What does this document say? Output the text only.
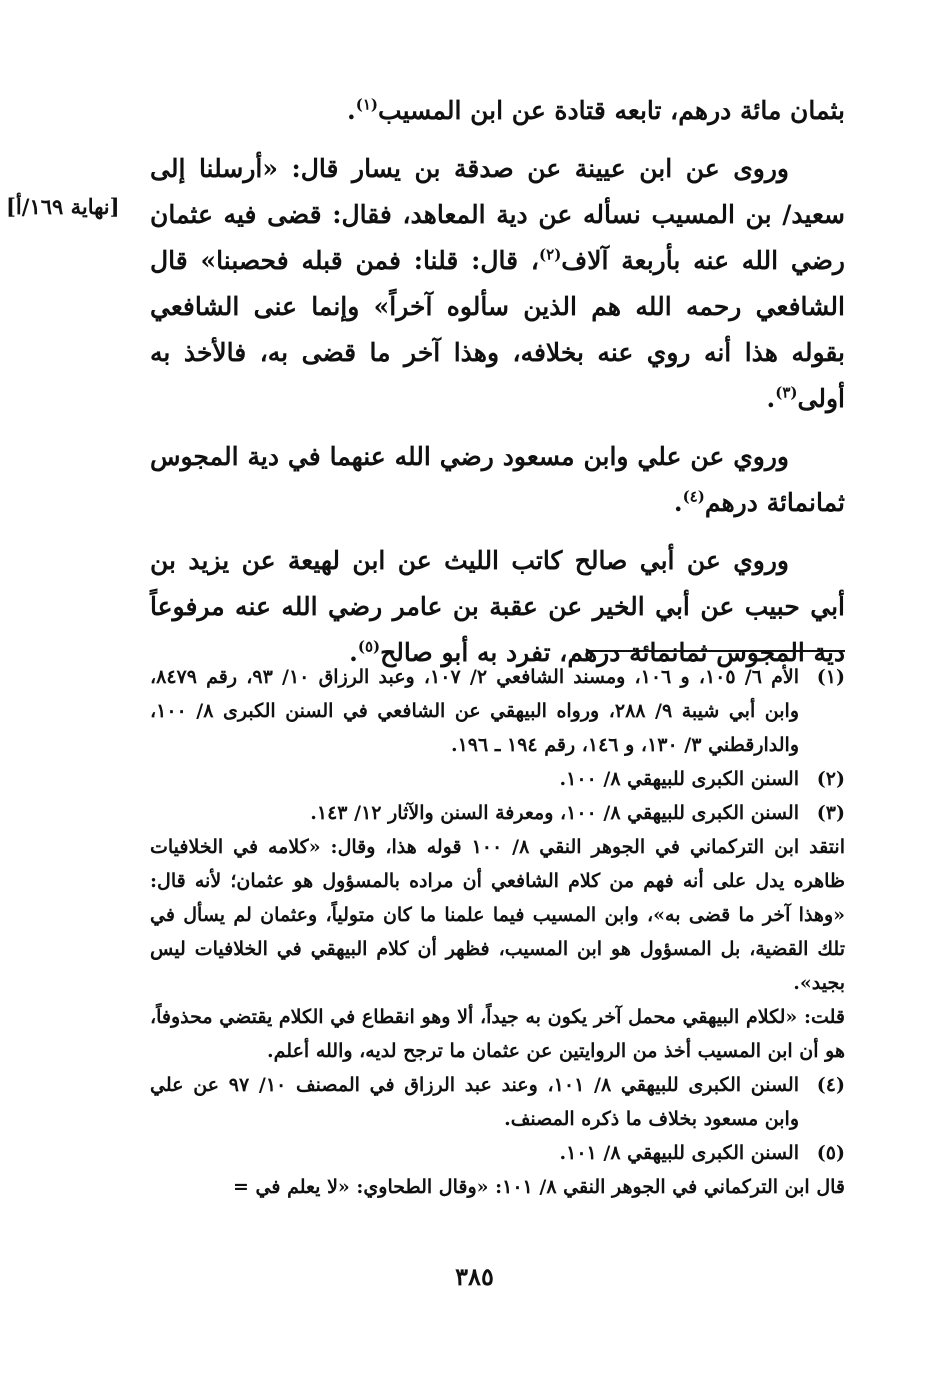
بثمان مائة درهم، تابعه قتادة عن ابن المسيب$^{(١)}$.

وروى عن ابن عيينة عن صدقة بن يسار قال: «أرسلنا إلى سعيد/ بن المسيب نسأله عن دية المعاهد، فقال: قضى فيه عثمان رضي الله عنه بأربعة آلاف$^{(٢)}$، قال: قلنا: فمن قبله فحصبنا» قال الشافعي رحمه الله هم الذين سألوه آخراً» وإنما عنى الشافعي بقوله هذا أنه روي عنه بخلافه، وهذا آخر ما قضى به، فالأخذ به أولى$^{(٣)}$.

وروي عن علي وابن مسعود رضي الله عنهما في دية المجوس ثمانمائة درهم$^{(٤)}$.

وروي عن أبي صالح كاتب الليث عن ابن لهيعة عن يزيد بن أبي حبيب عن أبي الخير عن عقبة بن عامر رضي الله عنه مرفوعاً دية المجوس ثمانمائة درهم، تفرد به أبو صالح$^{(٥)}$.

[نهاية ١٦٩/أ]
(١)
الأم ٦/ ١٠٥، و ١٠٦، ومسند الشافعي ٢/ ١٠٧، وعبد الرزاق ١٠/ ٩٣، رقم ٨٤٧٩، وابن أبي شيبة ٩/ ٢٨٨، ورواه البيهقي عن الشافعي في السنن الكبرى ٨/ ١٠٠، والدارقطني ٣/ ١٣٠، و ١٤٦، رقم ١٩٤ ـ ١٩٦.
(٢)
السنن الكبرى للبيهقي ٨/ ١٠٠.
(٣)
السنن الكبرى للبيهقي ٨/ ١٠٠، ومعرفة السنن والآثار ١٢/ ١٤٣.

انتقد ابن التركماني في الجوهر النقي ٨/ ١٠٠ قوله هذا، وقال: «كلامه في الخلافيات ظاهره يدل على أنه فهم من كلام الشافعي أن مراده بالمسؤول هو عثمان؛ لأنه قال: «وهذا آخر ما قضى به»، وابن المسيب فيما علمنا ما كان متولياً، وعثمان لم يسأل في تلك القضية، بل المسؤول هو ابن المسيب، فظهر أن كلام البيهقي في الخلافيات ليس بجيد».

قلت: «لكلام البيهقي محمل آخر يكون به جيداً، ألا وهو انقطاع في الكلام يقتضي محذوفاً، هو أن ابن المسيب أخذ من الروايتين عن عثمان ما ترجح لديه، والله أعلم.

(٤)
السنن الكبرى للبيهقي ٨/ ١٠١، وعند عبد الرزاق في المصنف ١٠/ ٩٧ عن علي وابن مسعود بخلاف ما ذكره المصنف.
(٥)
السنن الكبرى للبيهقي ٨/ ١٠١.

قال ابن التركماني في الجوهر النقي ٨/ ١٠١: «وقال الطحاوي: «لا يعلم في =

٣٨٥
